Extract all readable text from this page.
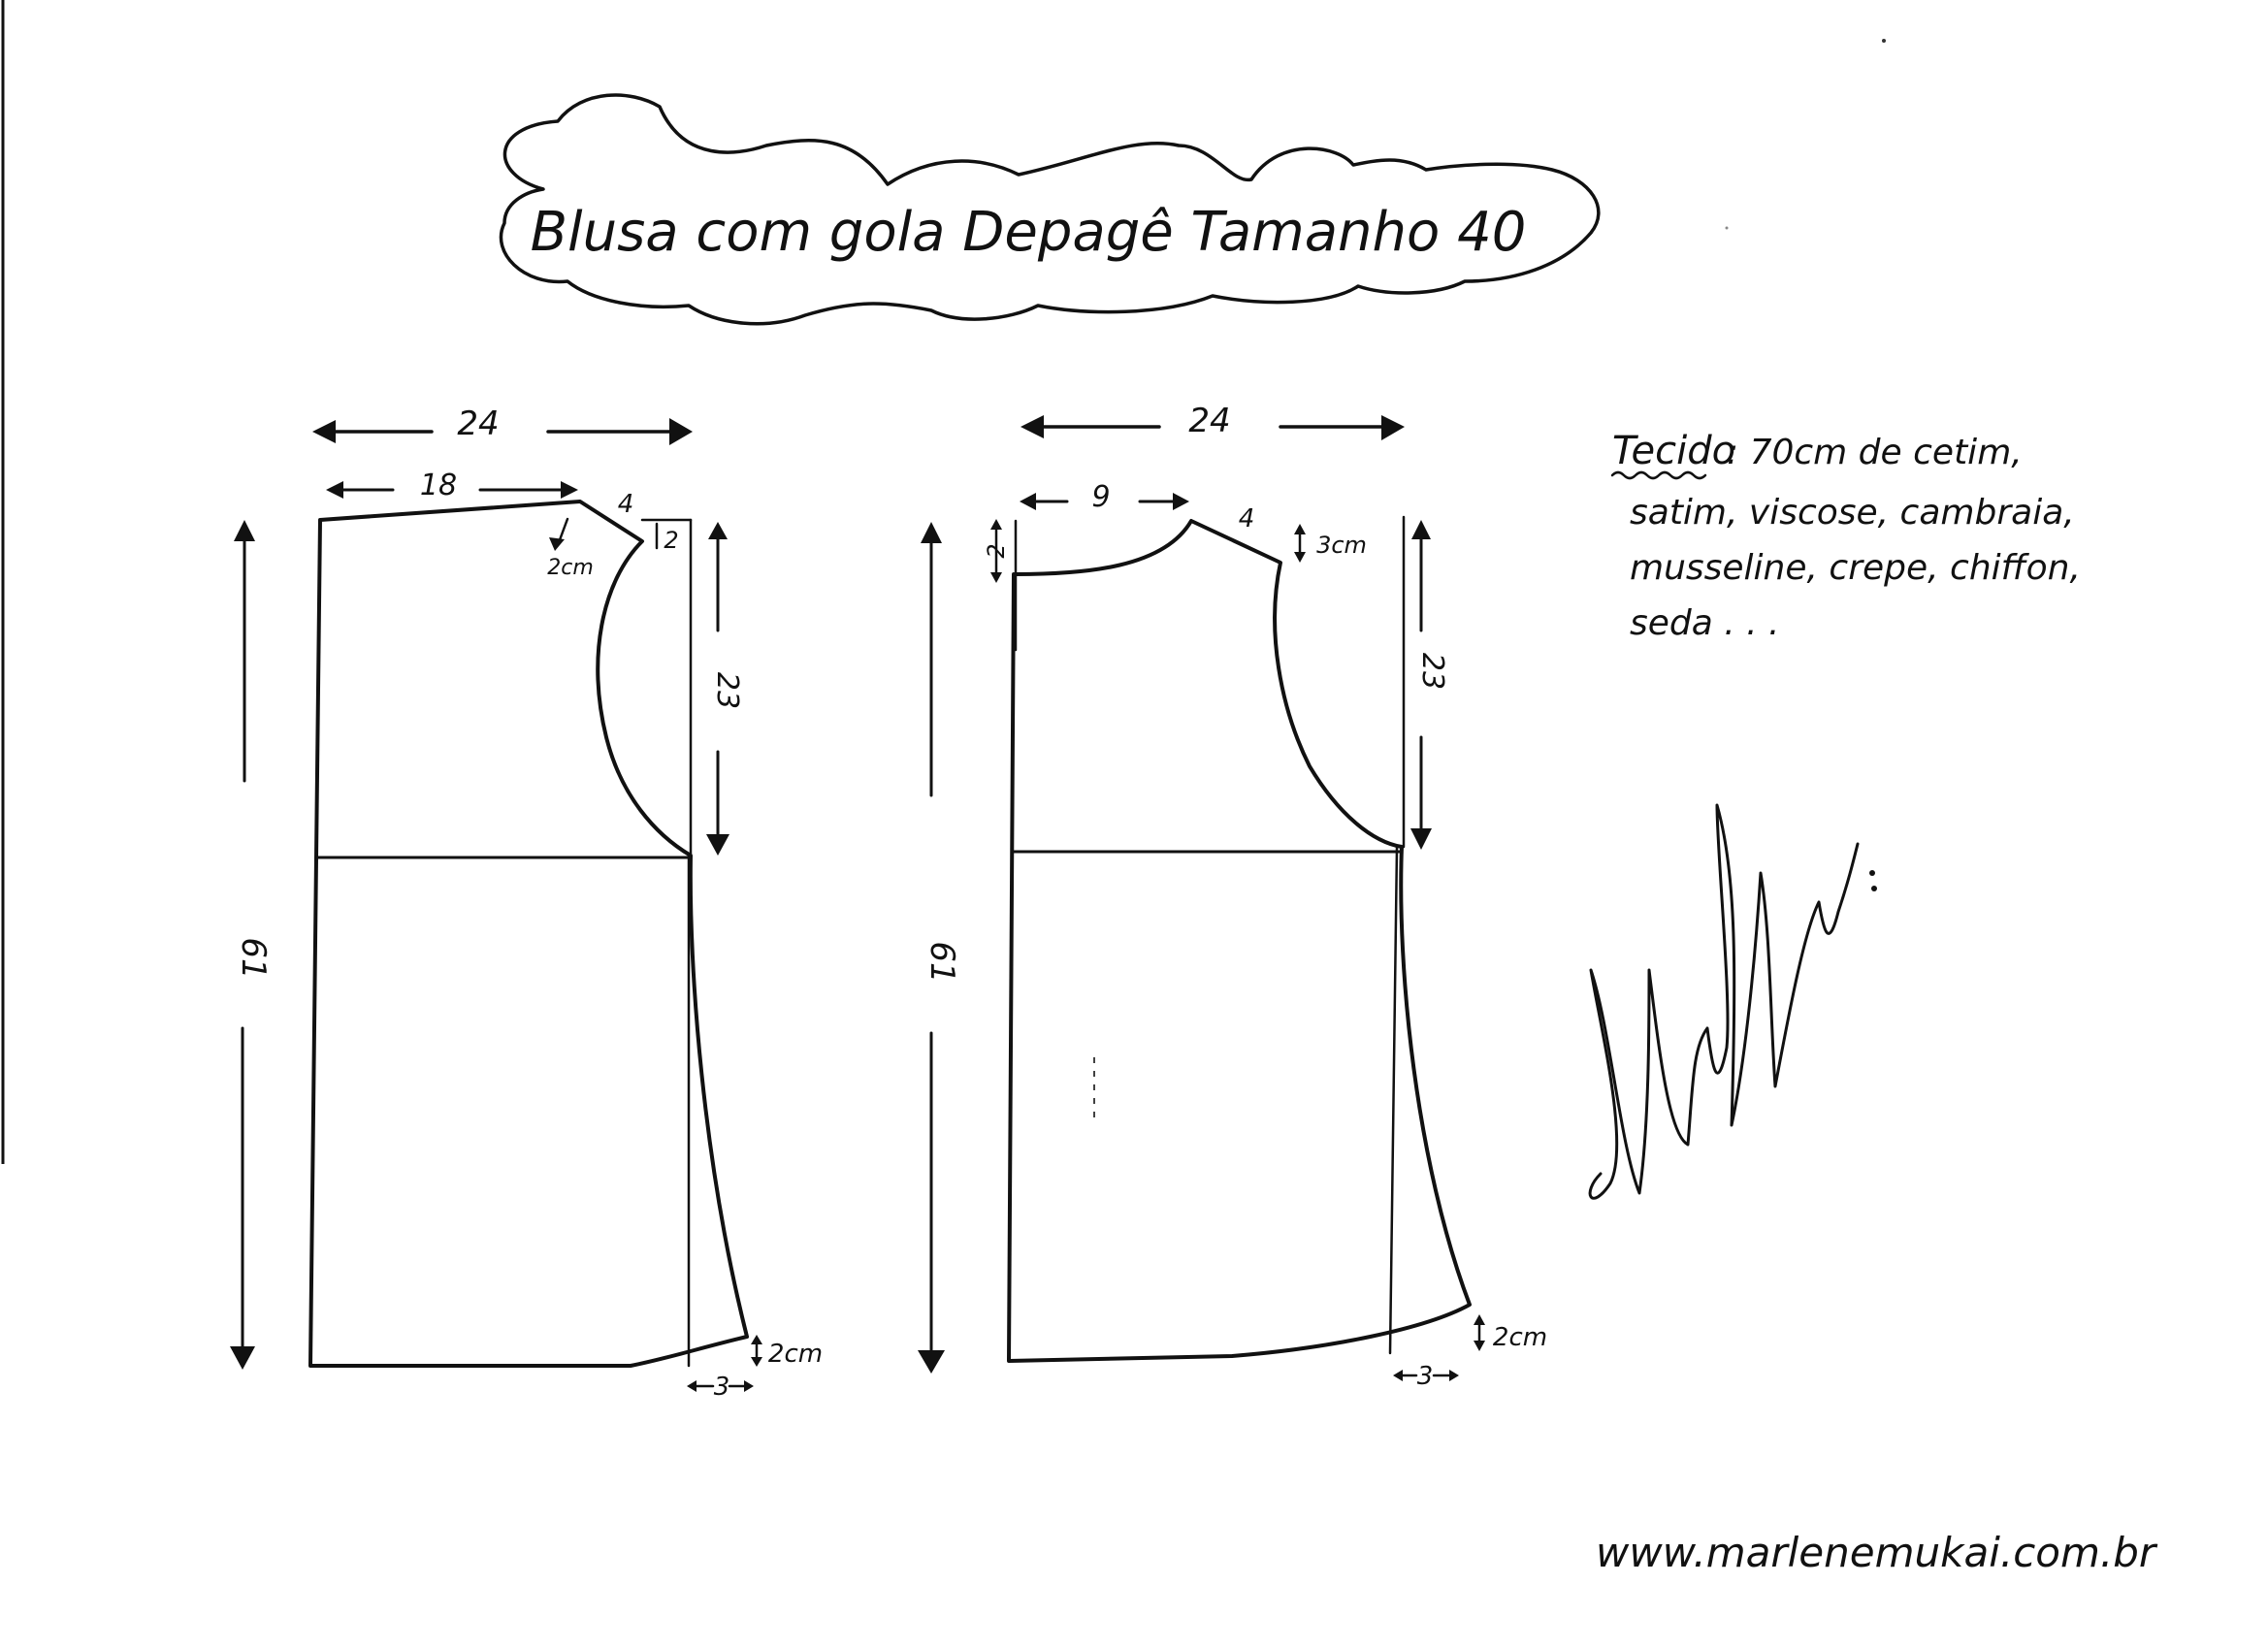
Blusa com gola Depagê Tamanho 40
24
18
4
2cm
2
23
61
2cm
3
24
9
4
2	3cm
23
61
2cm
3
Tecido
: 70cm de cetim,
satim, viscose, cambraia,
musseline, crepe, chiffon,
seda . . .
www.marlenemukai.com.br
